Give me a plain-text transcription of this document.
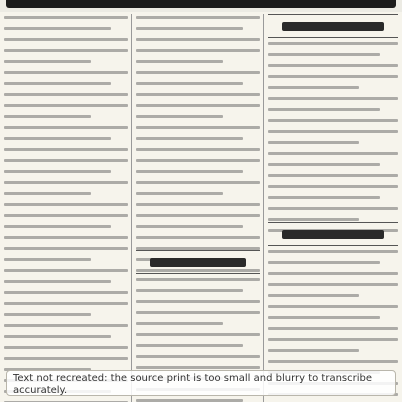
Text not recreated: the source print is too small and blurry to transcribe accurately.
